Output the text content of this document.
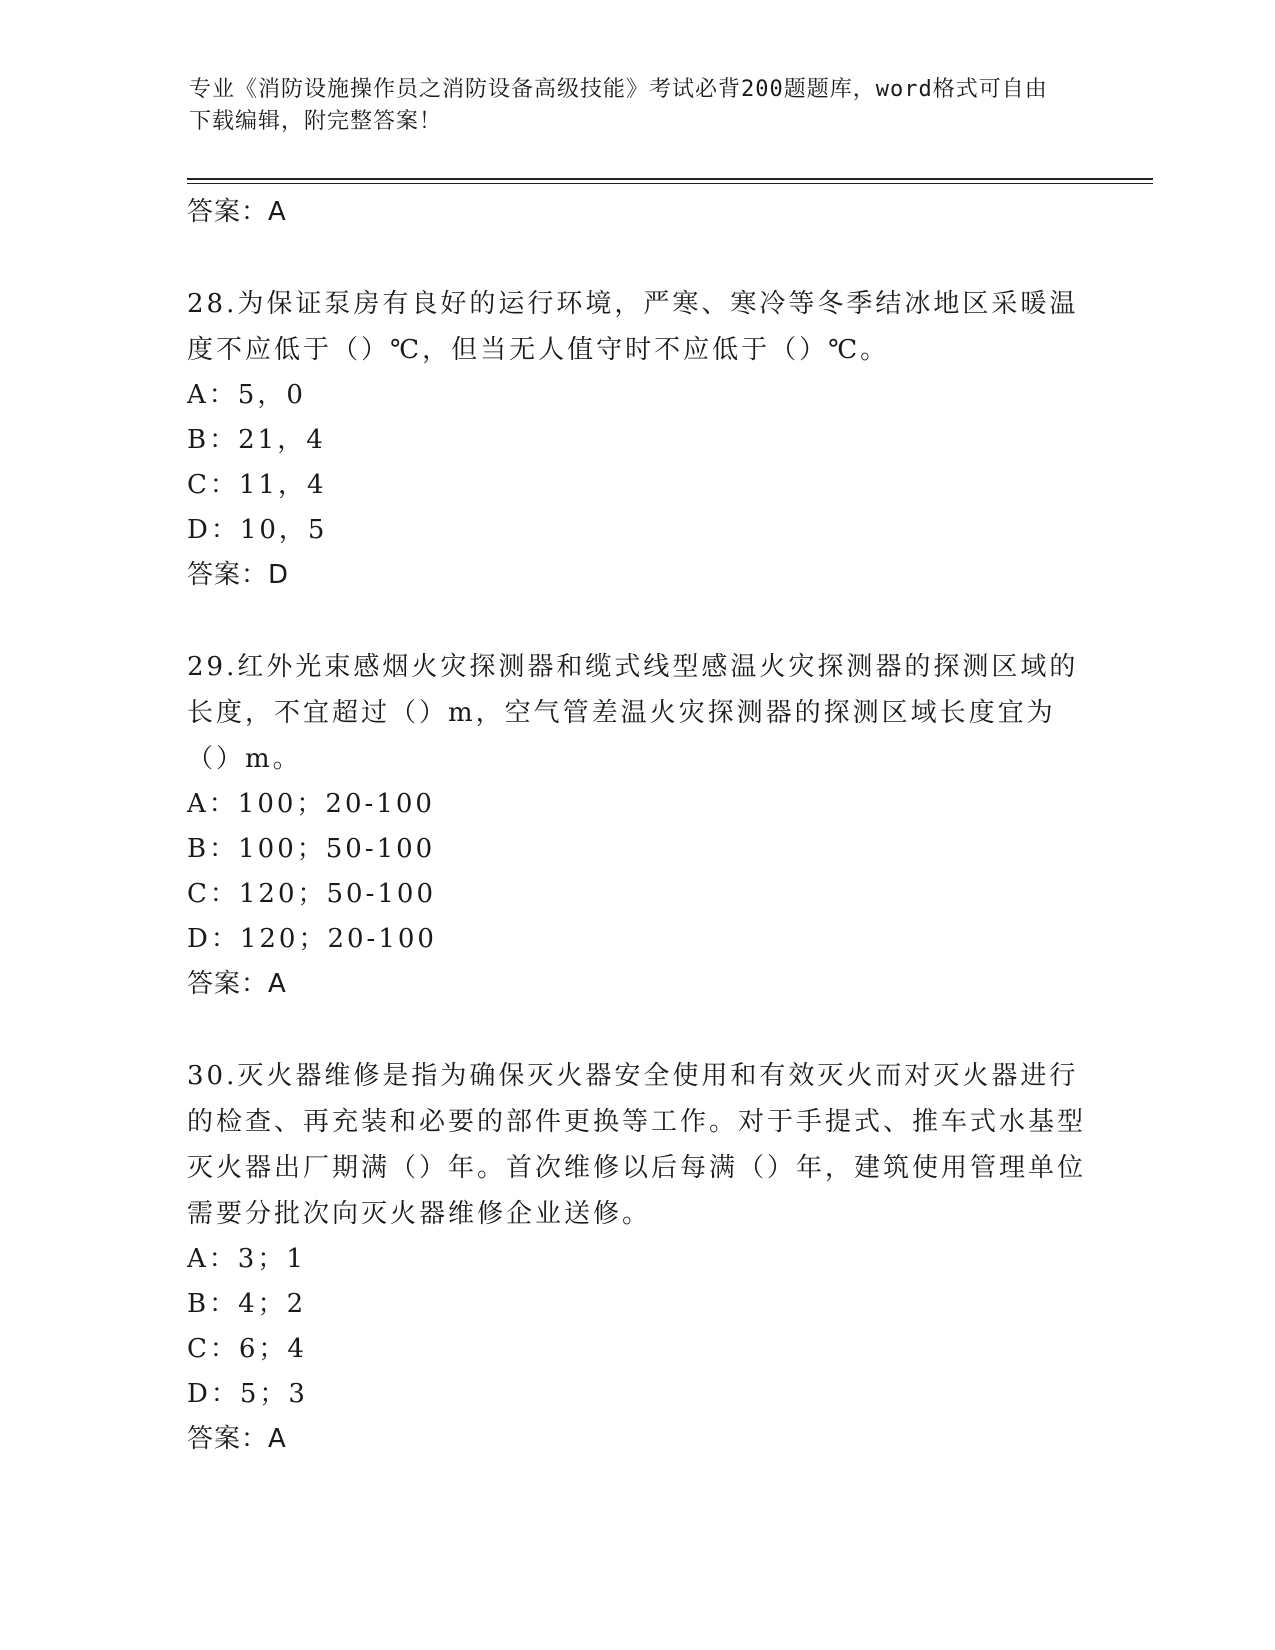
专业《消防设施操作员之消防设备高级技能》考试必背200题题库，word格式可自由下载编辑，附完整答案！
答案：A
28.为保证泵房有良好的运行环境，严寒、寒冷等冬季结冰地区采暖温度不应低于（）℃，但当无人值守时不应低于（）℃。
A：5，0
B：21，4
C：11，4
D：10，5
答案：D
29.红外光束感烟火灾探测器和缆式线型感温火灾探测器的探测区域的长度，不宜超过（）m，空气管差温火灾探测器的探测区域长度宜为（）m。
A：100；20-100
B：100；50-100
C：120；50-100
D：120；20-100
答案：A
30.灭火器维修是指为确保灭火器安全使用和有效灭火而对灭火器进行的检查、再充装和必要的部件更换等工作。对于手提式、推车式水基型灭火器出厂期满（）年。首次维修以后每满（）年，建筑使用管理单位需要分批次向灭火器维修企业送修。
A：3；1
B：4；2
C：6；4
D：5；3
答案：A
